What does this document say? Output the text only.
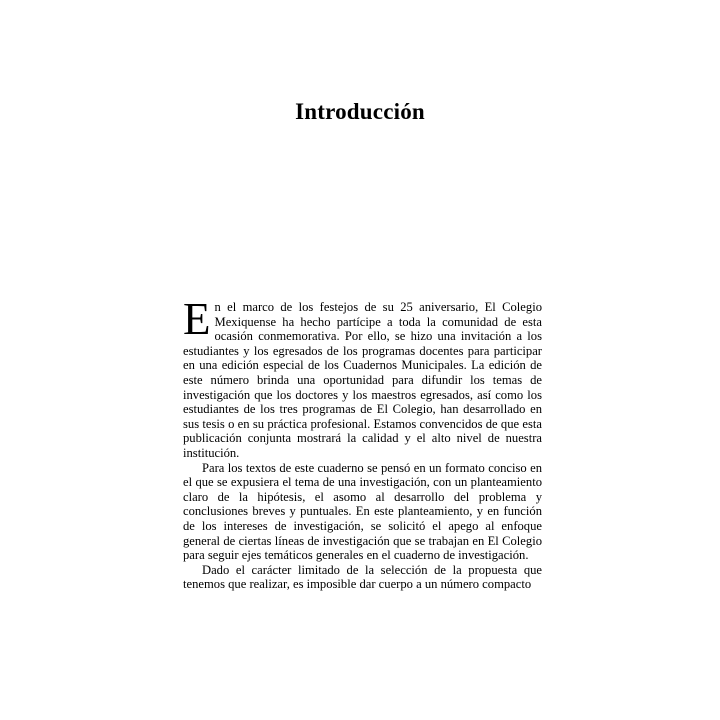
Introducción

En el marco de los festejos de su 25 aniversario, El Colegio Mexiquense ha hecho partícipe a toda la comunidad de esta ocasión conmemorativa. Por ello, se hizo una invitación a los estudiantes y los egresados de los programas docentes para participar en una edición especial de los Cuadernos Municipales. La edición de este número brinda una oportunidad para difundir los temas de investigación que los doctores y los maestros egresados, así como los estudiantes de los tres programas de El Colegio, han desarrollado en sus tesis o en su práctica profesional. Estamos convencidos de que esta publicación conjunta mostrará la calidad y el alto nivel de nuestra institución.

Para los textos de este cuaderno se pensó en un formato conciso en el que se expusiera el tema de una investigación, con un planteamiento claro de la hipótesis, el asomo al desarrollo del problema y conclusiones breves y puntuales. En este planteamiento, y en función de los intereses de investigación, se solicitó el apego al enfoque general de ciertas líneas de investigación que se trabajan en El Colegio para seguir ejes temáticos generales en el cuaderno de investigación.

Dado el carácter limitado de la selección de la propuesta que tenemos que realizar, es imposible dar cuerpo a un número compacto
